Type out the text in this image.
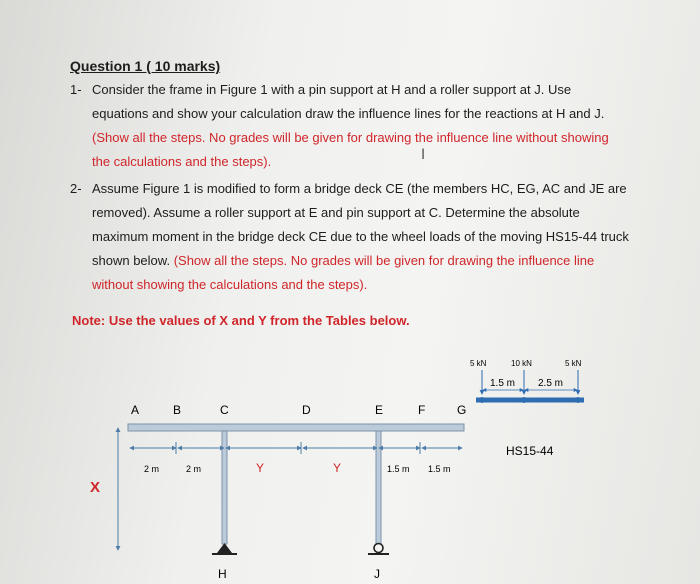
Question 1 ( 10 marks)
1- Consider the frame in Figure 1 with a pin support at H and a roller support at J. Use equations and show your calculation draw the influence lines for the reactions at H and J. (Show all the steps. No grades will be given for drawing the influence line without showing the calculations and the steps).	I
2- Assume Figure 1 is modified to form a bridge deck CE (the members HC, EG, AC and JE are removed). Assume a roller support at E and pin support at C. Determine the absolute maximum moment in the bridge deck CE due to the wheel loads of the moving HS15-44 truck shown below. (Show all the steps. No grades will be given for drawing the influence line without showing the calculations and the steps).
Note: Use the values of X and Y from the Tables below.
A	B	C	D	E	F	G
H	J
2 m	2 m	Y	Y	1.5 m 1.5 m
X
5 kN	10 kN	5 kN
1.5 m 2.5 m
HS15-44
